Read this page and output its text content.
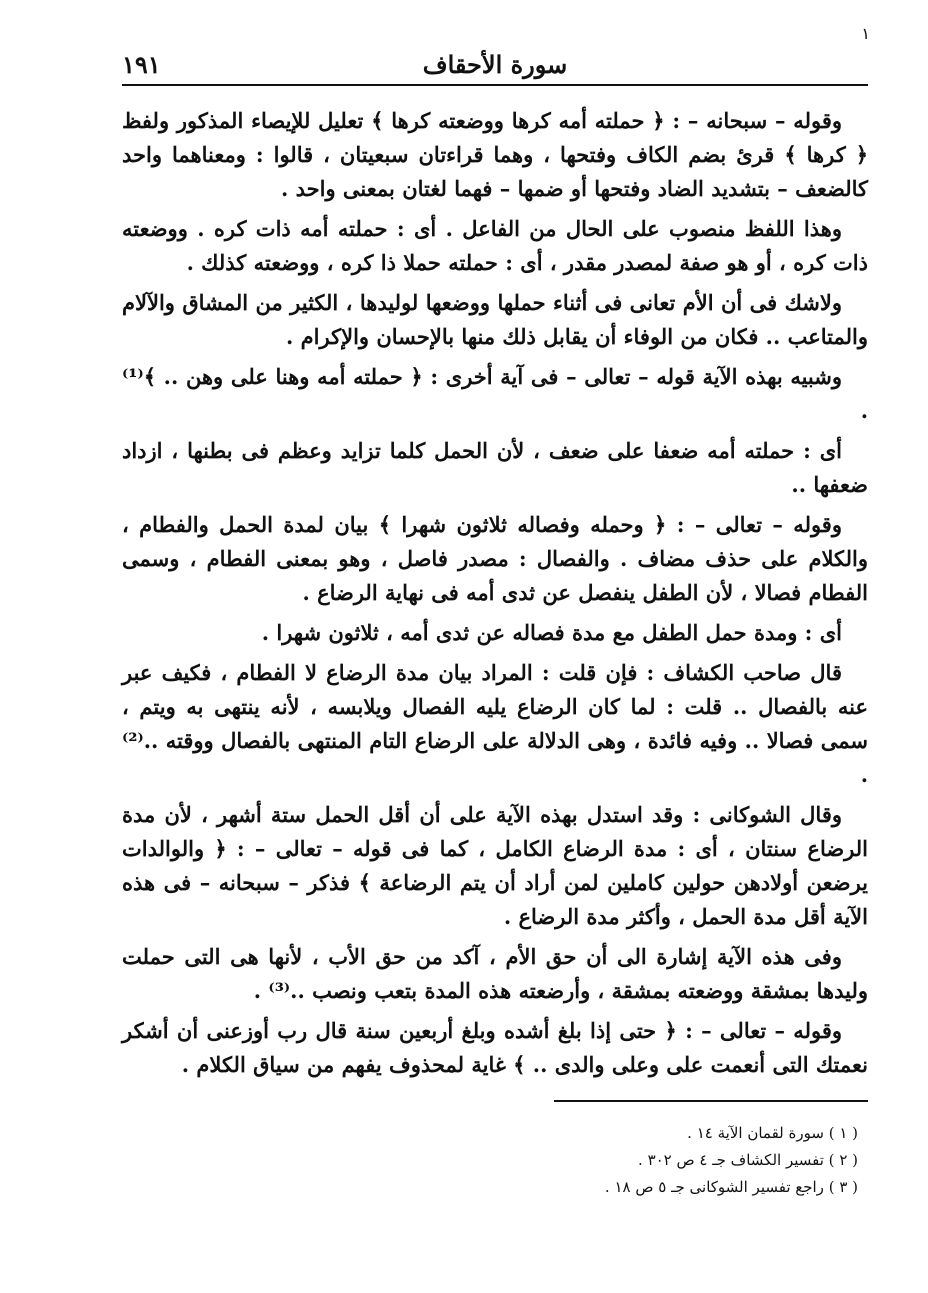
١
سورة الأحقاف
١٩١

وقوله – سبحانه – : ﴿ حملته أمه كرها ووضعته كرها ﴾ تعليل للإيصاء المذكور ولفظ ﴿ كرها ﴾ قرئ بضم الكاف وفتحها ، وهما قراءتان سبعيتان ، قالوا : ومعناهما واحد كالضعف – بتشديد الضاد وفتحها أو ضمها – فهما لغتان بمعنى واحد .

وهذا اللفظ منصوب على الحال من الفاعل . أى : حملته أمه ذات كره . ووضعته ذات كره ، أو هو صفة لمصدر مقدر ، أى : حملته حملا ذا كره ، ووضعته كذلك .

ولاشك فى أن الأم تعانى فى أثناء حملها ووضعها لوليدها ، الكثير من المشاق والآلام والمتاعب .. فكان من الوفاء أن يقابل ذلك منها بالإحسان والإكرام .

وشبيه بهذه الآية قوله – تعالى – فى آية أخرى : ﴿ حملته أمه وهنا على وهن .. ﴾⁽¹⁾ .

أى : حملته أمه ضعفا على ضعف ، لأن الحمل كلما تزايد وعظم فى بطنها ، ازداد ضعفها ..

وقوله – تعالى – : ﴿ وحمله وفصاله ثلاثون شهرا ﴾ بيان لمدة الحمل والفطام ، والكلام على حذف مضاف . والفصال : مصدر فاصل ، وهو بمعنى الفطام ، وسمى الفطام فصالا ، لأن الطفل ينفصل عن ثدى أمه فى نهاية الرضاع .

أى : ومدة حمل الطفل مع مدة فصاله عن ثدى أمه ، ثلاثون شهرا .

قال صاحب الكشاف : فإن قلت : المراد بيان مدة الرضاع لا الفطام ، فكيف عبر عنه بالفصال .. قلت : لما كان الرضاع يليه الفصال ويلابسه ، لأنه ينتهى به ويتم ، سمى فصالا .. وفيه فائدة ، وهى الدلالة على الرضاع التام المنتهى بالفصال ووقته ..⁽²⁾ .

وقال الشوكانى : وقد استدل بهذه الآية على أن أقل الحمل ستة أشهر ، لأن مدة الرضاع سنتان ، أى : مدة الرضاع الكامل ، كما فى قوله – تعالى – : ﴿ والوالدات يرضعن أولادهن حولين كاملين لمن أراد أن يتم الرضاعة ﴾ فذكر – سبحانه – فى هذه الآية أقل مدة الحمل ، وأكثر مدة الرضاع .

وفى هذه الآية إشارة الى أن حق الأم ، آكد من حق الأب ، لأنها هى التى حملت وليدها بمشقة ووضعته بمشقة ، وأرضعته هذه المدة بتعب ونصب ..⁽³⁾ .

وقوله – تعالى – : ﴿ حتى إذا بلغ أشده وبلغ أربعين سنة قال رب أوزعنى أن أشكر نعمتك التى أنعمت على وعلى والدى .. ﴾ غاية لمحذوف يفهم من سياق الكلام .

( ١ ) سورة لقمان الآية ١٤ .

( ٢ ) تفسير الكشاف جـ ٤ ص ٣٠٢ .

( ٣ ) راجع تفسير الشوكانى جـ ٥ ص ١٨ .
